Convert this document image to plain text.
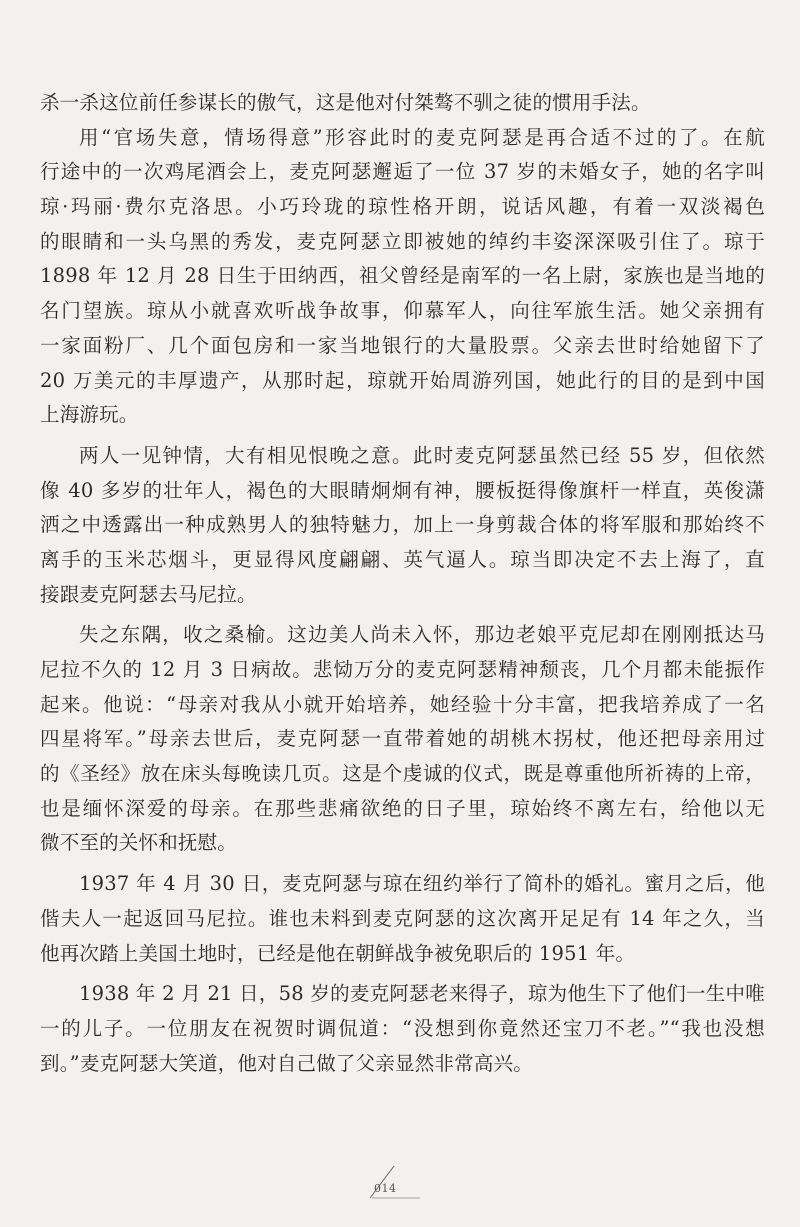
杀一杀这位前任参谋长的傲气，这是他对付桀骜不驯之徒的惯用手法。
用“官场失意，情场得意”形容此时的麦克阿瑟是再合适不过的了。在航
行途中的一次鸡尾酒会上，麦克阿瑟邂逅了一位 37 岁的未婚女子，她的名字叫
琼·玛丽·费尔克洛思。小巧玲珑的琼性格开朗，说话风趣，有着一双淡褐色
的眼睛和一头乌黑的秀发，麦克阿瑟立即被她的绰约丰姿深深吸引住了。琼于
1898 年 12 月 28 日生于田纳西，祖父曾经是南军的一名上尉，家族也是当地的
名门望族。琼从小就喜欢听战争故事，仰慕军人，向往军旅生活。她父亲拥有
一家面粉厂、几个面包房和一家当地银行的大量股票。父亲去世时给她留下了
20 万美元的丰厚遗产，从那时起，琼就开始周游列国，她此行的目的是到中国
上海游玩。
两人一见钟情，大有相见恨晚之意。此时麦克阿瑟虽然已经 55 岁，但依然
像 40 多岁的壮年人，褐色的大眼睛炯炯有神，腰板挺得像旗杆一样直，英俊潇
洒之中透露出一种成熟男人的独特魅力，加上一身剪裁合体的将军服和那始终不
离手的玉米芯烟斗，更显得风度翩翩、英气逼人。琼当即决定不去上海了，直
接跟麦克阿瑟去马尼拉。
失之东隅，收之桑榆。这边美人尚未入怀，那边老娘平克尼却在刚刚抵达马
尼拉不久的 12 月 3 日病故。悲恸万分的麦克阿瑟精神颓丧，几个月都未能振作
起来。他说：“母亲对我从小就开始培养，她经验十分丰富，把我培养成了一名
四星将军。”母亲去世后，麦克阿瑟一直带着她的胡桃木拐杖，他还把母亲用过
的《圣经》放在床头每晚读几页。这是个虔诚的仪式，既是尊重他所祈祷的上帝，
也是缅怀深爱的母亲。在那些悲痛欲绝的日子里，琼始终不离左右，给他以无
微不至的关怀和抚慰。
1937 年 4 月 30 日，麦克阿瑟与琼在纽约举行了简朴的婚礼。蜜月之后，他
偕夫人一起返回马尼拉。谁也未料到麦克阿瑟的这次离开足足有 14 年之久，当
他再次踏上美国土地时，已经是他在朝鲜战争被免职后的 1951 年。
1938 年 2 月 21 日，58 岁的麦克阿瑟老来得子，琼为他生下了他们一生中唯
一的儿子。一位朋友在祝贺时调侃道：“没想到你竟然还宝刀不老。”“我也没想
到。”麦克阿瑟大笑道，他对自己做了父亲显然非常高兴。
014
